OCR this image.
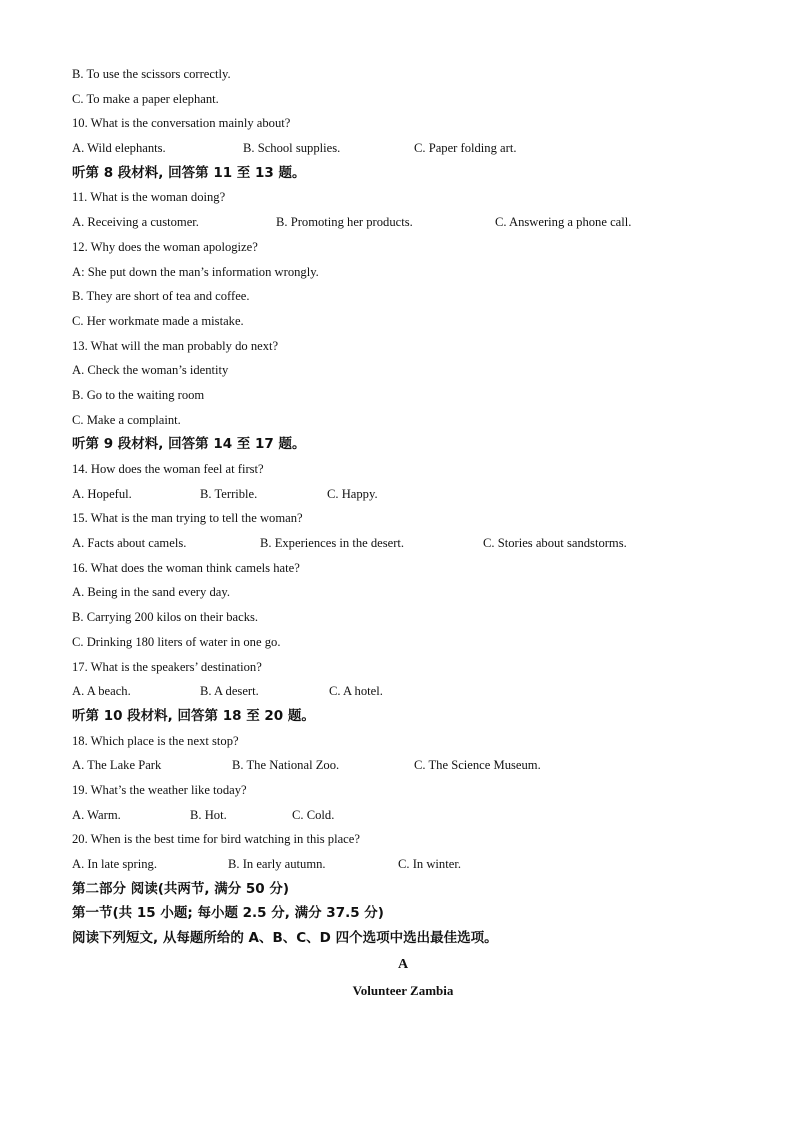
B. To use the scissors correctly.
C. To make a paper elephant.
10. What is the conversation mainly about?
A. Wild elephants.	B. School supplies.	C. Paper folding art.
听第 8 段材料, 回答第 11 至 13 题。
11. What is the woman doing?
A. Receiving a customer.	B. Promoting her products.	C. Answering a phone call.
12. Why does the woman apologize?
A: She put down the man’s information wrongly.
B. They are short of tea and coffee.
C. Her workmate made a mistake.
13. What will the man probably do next?
A. Check the woman’s identity
B. Go to the waiting room
C. Make a complaint.
听第 9 段材料, 回答第 14 至 17 题。
14. How does the woman feel at first?
A. Hopeful.	B. Terrible.	C. Happy.
15. What is the man trying to tell the woman?
A. Facts about camels.	B. Experiences in the desert.	C. Stories about sandstorms.
16. What does the woman think camels hate?
A. Being in the sand every day.
B. Carrying 200 kilos on their backs.
C. Drinking 180 liters of water in one go.
17. What is the speakers’ destination?
A. A beach.	B. A desert.	C. A hotel.
听第 10 段材料, 回答第 18 至 20 题。
18. Which place is the next stop?
A. The Lake Park	B. The National Zoo.	C. The Science Museum.
19. What’s the weather like today?
A. Warm.	B. Hot.	C. Cold.
20. When is the best time for bird watching in this place?
A. In late spring.	B. In early autumn.	C. In winter.
第二部分 阅读(共两节, 满分 50 分)
第一节(共 15 小题; 每小题 2.5 分, 满分 37.5 分)
阅读下列短文, 从每题所给的 A、B、C、D 四个选项中选出最佳选项。
A
Volunteer Zambia
